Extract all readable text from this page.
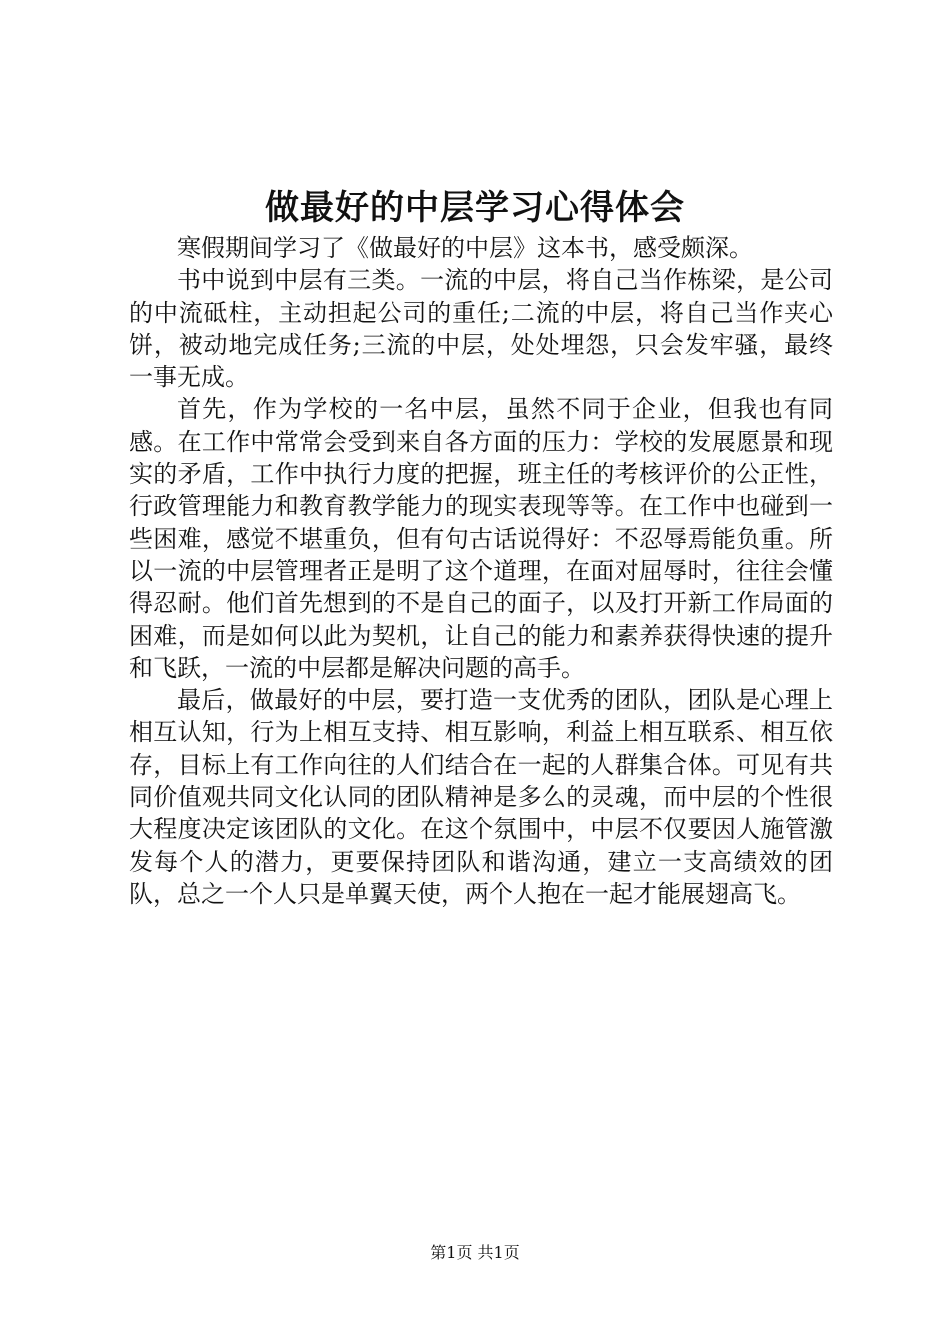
做最好的中层学习心得体会

寒假期间学习了《做最好的中层》这本书，感受颇深。

书中说到中层有三类。一流的中层，将自己当作栋梁，是公司的中流砥柱，主动担起公司的重任;二流的中层，将自己当作夹心饼，被动地完成任务;三流的中层，处处埋怨，只会发牢骚，最终一事无成。

首先，作为学校的一名中层，虽然不同于企业，但我也有同感。在工作中常常会受到来自各方面的压力：学校的发展愿景和现实的矛盾，工作中执行力度的把握，班主任的考核评价的公正性，行政管理能力和教育教学能力的现实表现等等。在工作中也碰到一些困难，感觉不堪重负，但有句古话说得好：不忍辱焉能负重。所以一流的中层管理者正是明了这个道理，在面对屈辱时，往往会懂得忍耐。他们首先想到的不是自己的面子，以及打开新工作局面的困难，而是如何以此为契机，让自己的能力和素养获得快速的提升和飞跃，一流的中层都是解决问题的高手。

最后，做最好的中层，要打造一支优秀的团队，团队是心理上相互认知，行为上相互支持、相互影响，利益上相互联系、相互依存，目标上有工作向往的人们结合在一起的人群集合体。可见有共同价值观共同文化认同的团队精神是多么的灵魂，而中层的个性很大程度决定该团队的文化。在这个氛围中，中层不仅要因人施管激发每个人的潜力，更要保持团队和谐沟通，建立一支高绩效的团队，总之一个人只是单翼天使，两个人抱在一起才能展翅高飞。

第1页 共1页
